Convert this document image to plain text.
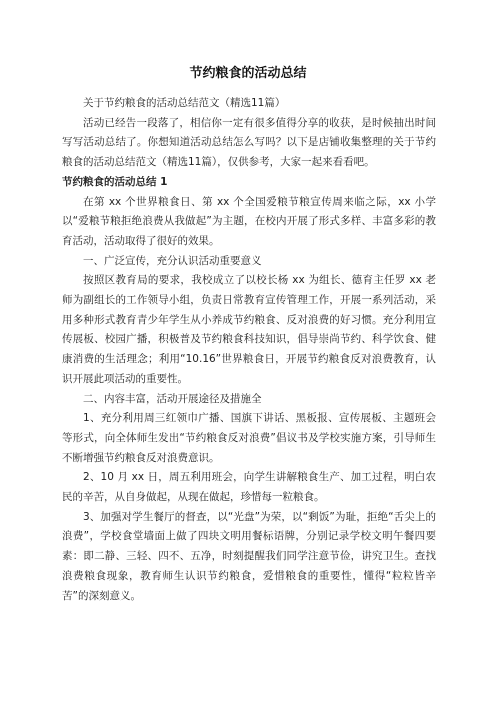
节约粮食的活动总结

关于节约粮食的活动总结范文（精选11篇）

活动已经告一段落了，相信你一定有很多值得分享的收获，是时候抽出时间写写活动总结了。你想知道活动总结怎么写吗？以下是店铺收集整理的关于节约粮食的活动总结范文（精选11篇），仅供参考，大家一起来看看吧。

节约粮食的活动总结 1

在第 xx 个世界粮食日、第 xx 个全国爱粮节粮宣传周来临之际，xx 小学以“爱粮节粮拒绝浪费从我做起”为主题，在校内开展了形式多样、丰富多彩的教育活动，活动取得了很好的效果。

一、广泛宣传，充分认识活动重要意义

按照区教育局的要求，我校成立了以校长杨 xx 为组长、德育主任罗 xx 老师为副组长的工作领导小组，负责日常教育宣传管理工作，开展一系列活动，采用多种形式教育青少年学生从小养成节约粮食、反对浪费的好习惯。充分利用宣传展板、校园广播，积极普及节约粮食科技知识，倡导崇尚节约、科学饮食、健康消费的生活理念；利用“10.16”世界粮食日，开展节约粮食反对浪费教育，认识开展此项活动的重要性。

二、内容丰富，活动开展途径及措施全

1、充分利用周三红领巾广播、国旗下讲话、黑板报、宣传展板、主题班会等形式，向全体师生发出“节约粮食反对浪费”倡议书及学校实施方案，引导师生不断增强节约粮食反对浪费意识。

2、10 月 xx 日，周五利用班会，向学生讲解粮食生产、加工过程，明白农民的辛苦，从自身做起，从现在做起，珍惜每一粒粮食。

3、加强对学生餐厅的督查，以“光盘”为荣，以“剩饭”为耻，拒绝“舌尖上的浪费”，学校食堂墙面上做了四块文明用餐标语牌，分别记录学校文明午餐四要素：即二静、三轻、四不、五净，时刻提醒我们同学注意节俭，讲究卫生。查找浪费粮食现象，教育师生认识节约粮食，爱惜粮食的重要性，懂得“粒粒皆辛苦”的深刻意义。
